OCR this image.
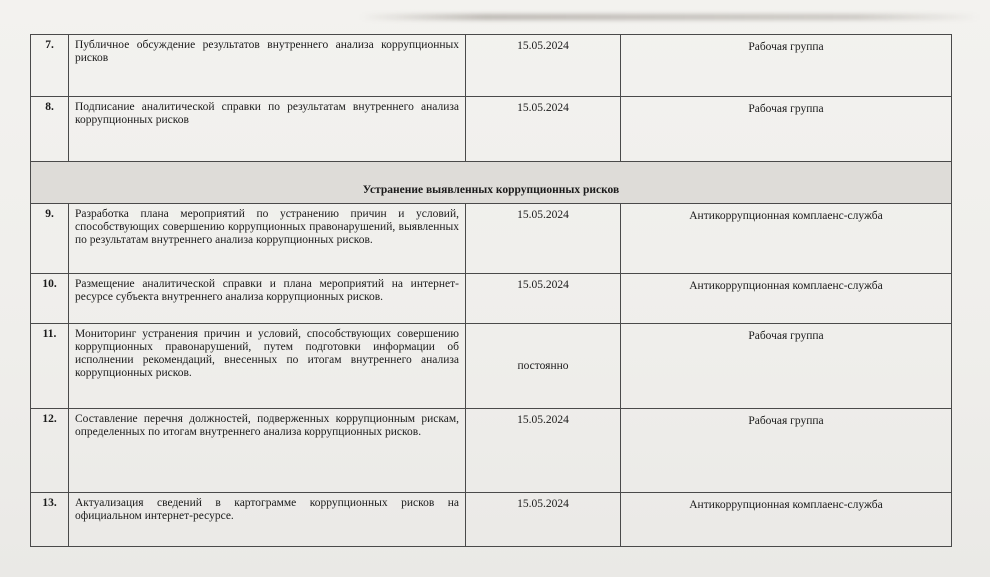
7.	Публичное обсуждение результатов внутреннего анализа коррупционных рисков	15.05.2024	Рабочая группа
8.	Подписание аналитической справки по результатам внутреннего анализа коррупционных рисков	15.05.2024	Рабочая группа
Устранение выявленных коррупционных рисков			
9.	Разработка плана мероприятий по устранению причин и условий, способствующих совершению коррупционных правонарушений, выявленных по результатам внутреннего анализа коррупционных рисков.	15.05.2024	Антикоррупционная комплаенс-служба
10.	Размещение аналитической справки и плана мероприятий на интернет-ресурсе субъекта внутреннего анализа коррупционных рисков.	15.05.2024	Антикоррупционная комплаенс-служба
11.	Мониторинг устранения причин и условий, способствующих совершению коррупционных правонарушений, путем подготовки информации об исполнении рекомендаций, внесенных по итогам внутреннего анализа коррупционных рисков.	постоянно	Рабочая группа
12.	Составление перечня должностей, подверженных коррупционным рискам, определенных по итогам внутреннего анализа коррупционных рисков.	15.05.2024	Рабочая группа
13.	Актуализация сведений в картограмме коррупционных рисков на официальном интернет-ресурсе.	15.05.2024	Антикоррупционная комплаенс-служба
